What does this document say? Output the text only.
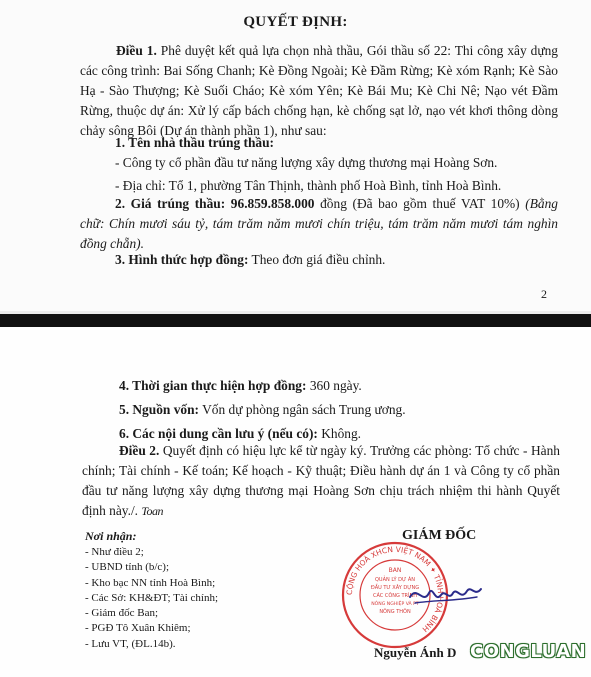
QUYẾT ĐỊNH:
Điều 1. Phê duyệt kết quả lựa chọn nhà thầu, Gói thầu số 22: Thi công xây dựng các công trình: Bai Sống Chanh; Kè Đồng Ngoài; Kè Đầm Rừng; Kè xóm Rạnh; Kè Sào Hạ - Sào Thượng; Kè Suối Cháo; Kè xóm Yên; Kè Bái Mu; Kè Chi Nê; Nạo vét Đầm Rừng, thuộc dự án: Xử lý cấp bách chống hạn, kè chống sạt lở, nạo vét khơi thông dòng chảy sông Bôi (Dự án thành phần 1), như sau:
1. Tên nhà thầu trúng thầu:
- Công ty cổ phần đầu tư năng lượng xây dựng thương mại Hoàng Sơn.
- Địa chỉ: Tổ 1, phường Tân Thịnh, thành phố Hoà Bình, tỉnh Hoà Bình.
2. Giá trúng thầu: 96.859.858.000 đồng (Đã bao gồm thuế VAT 10%) (Bằng chữ: Chín mươi sáu tỷ, tám trăm năm mươi chín triệu, tám trăm năm mươi tám nghìn đồng chẵn).
3. Hình thức hợp đồng: Theo đơn giá điều chỉnh.
2
4. Thời gian thực hiện hợp đồng: 360 ngày.
5. Nguồn vốn: Vốn dự phòng ngân sách Trung ương.
6. Các nội dung cần lưu ý (nếu có): Không.
Điều 2. Quyết định có hiệu lực kể từ ngày ký. Trưởng các phòng: Tổ chức - Hành chính; Tài chính - Kế toán; Kế hoạch - Kỹ thuật; Điều hành dự án 1 và Công ty cổ phần đầu tư năng lượng xây dựng thương mại Hoàng Sơn chịu trách nhiệm thi hành Quyết định này./. Toan
Nơi nhận:
- Như điều 2;
- UBND tỉnh (b/c);
- Kho bạc NN tỉnh Hoà Bình;
- Các Sở: KH&ĐT; Tài chính;
- Giám đốc Ban;
- PGĐ Tô Xuân Khiêm;
- Lưu VT, (ĐL.14b).
GIÁM ĐỐC
CỘNG HOÀ XHCN VIỆT NAM ✦ TỈNH HOÀ BÌNH
BAN
QUẢN LÝ DỰ ÁN
ĐẦU TƯ XÂY DỰNG
CÁC CÔNG TRÌNH
NÔNG NGHIỆP VÀ PT
NÔNG THÔN
Nguyễn Ánh D CONGLUAN
